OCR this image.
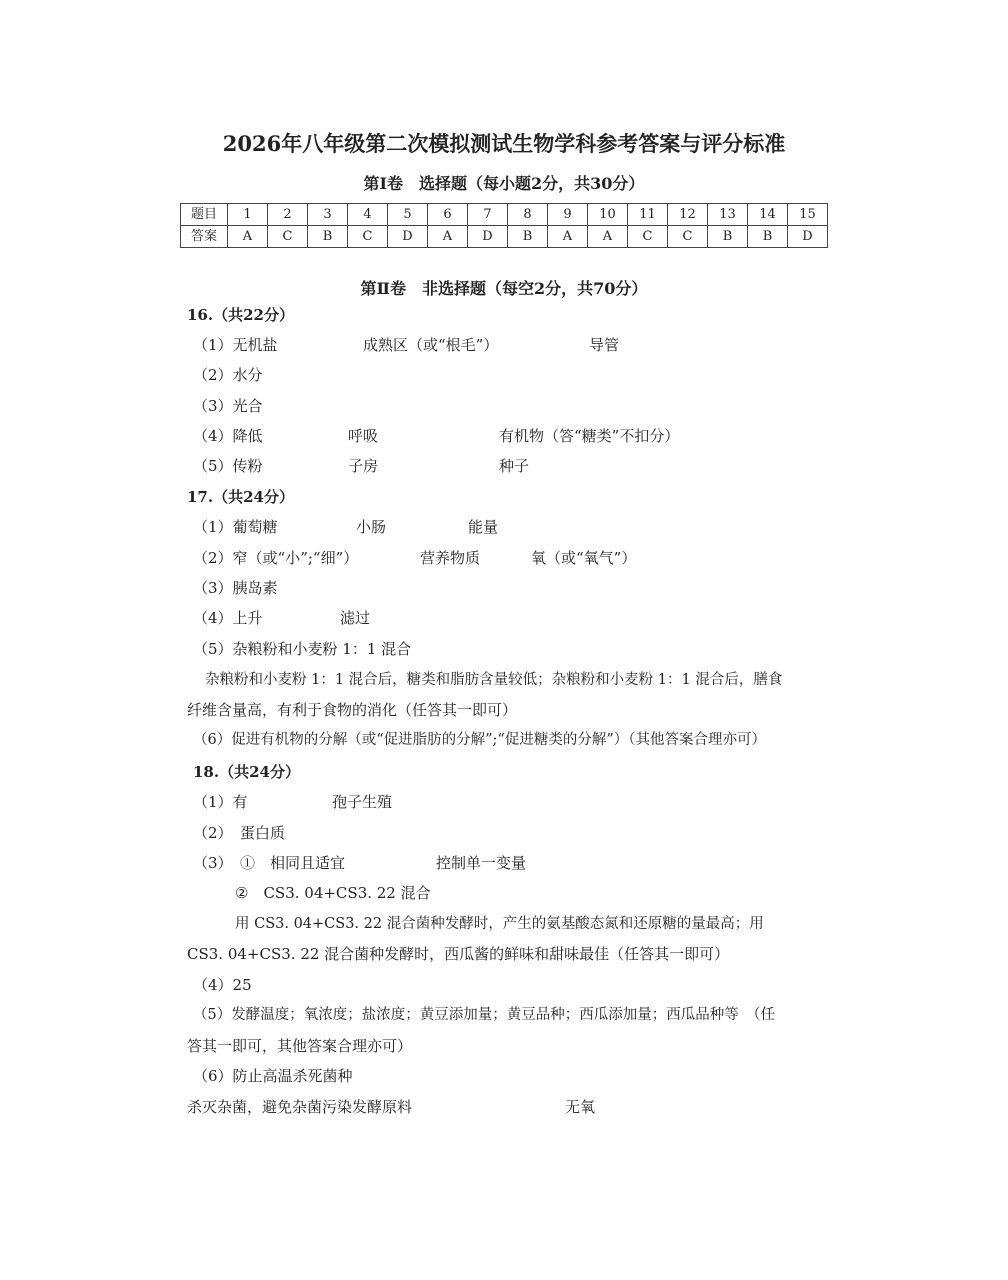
2026年八年级第二次模拟测试生物学科参考答案与评分标准
第Ⅰ卷　选择题（每小题2分，共30分）
题目	1	2	3	4	5	6	7	8	9	10	11	12	13	14	15
答案	A	C	B	C	D	A	D	B	A	A	C	C	B	B	D
第Ⅱ卷　非选择题（每空2分，共70分）
16.（共22分）
（1）无机盐	成熟区（或“根毛”）	导管
（2）水分
（3）光合
（4）降低	呼吸	有机物（答“糖类”不扣分）
（5）传粉	子房	种子
17.（共24分）
（1）葡萄糖	小肠	能量
（2）窄（或“小”;“细”）	营养物质	氧（或“氧气”）
（3）胰岛素
（4）上升	滤过
（5）杂粮粉和小麦粉 1：1 混合
杂粮粉和小麦粉 1：1 混合后，糖类和脂肪含量较低；杂粮粉和小麦粉 1：1 混合后，膳食
纤维含量高，有利于食物的消化（任答其一即可）
（6）促进有机物的分解（或“促进脂肪的分解”;“促进糖类的分解”）（其他答案合理亦可）
18.（共24分）
（1）有	孢子生殖
（2）　蛋白质
（3）　①　相同且适宜	控制单一变量
②　CS3. 04+CS3. 22 混合
用 CS3. 04+CS3. 22 混合菌种发酵时，产生的氨基酸态氮和还原糖的量最高；用
CS3. 04+CS3. 22 混合菌种发酵时，西瓜酱的鲜味和甜味最佳（任答其一即可）
（4）25
（5）发酵温度；氧浓度；盐浓度；黄豆添加量；黄豆品种；西瓜添加量；西瓜品种等　（任
答其一即可，其他答案合理亦可）
（6）防止高温杀死菌种
杀灭杂菌，避免杂菌污染发酵原料	无氧
